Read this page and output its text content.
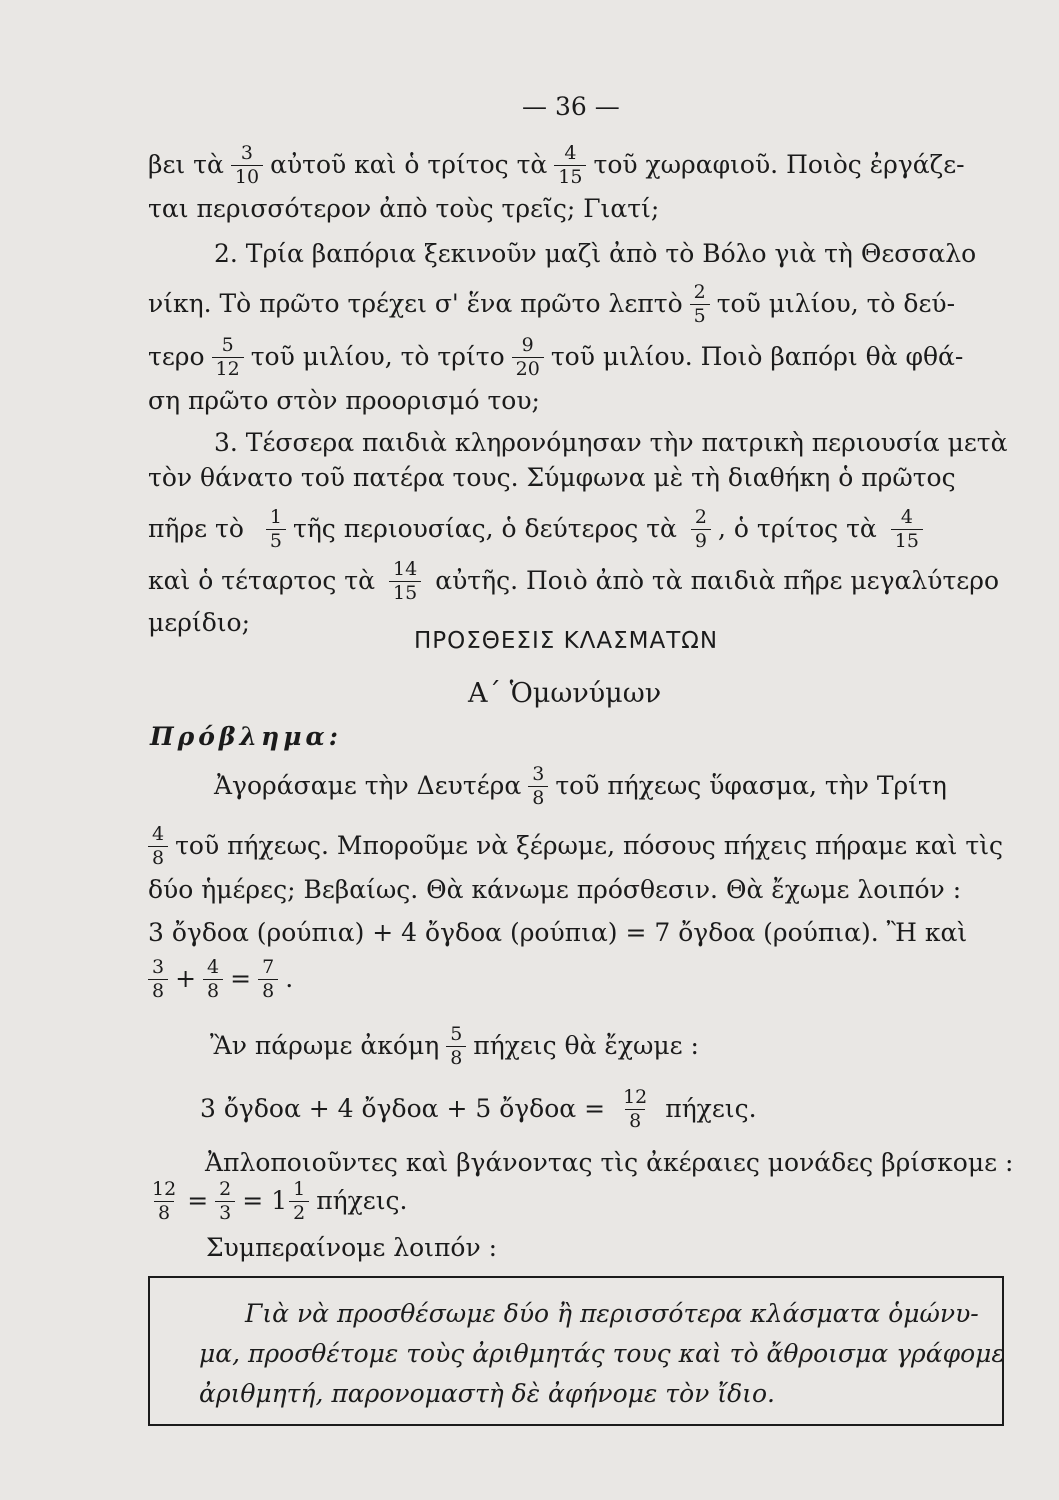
— 36 —
βει τὰ $\frac{3}{10}$ αὐτοῦ καὶ ὁ τρίτος τὰ $\frac{4}{15}$ τοῦ χωραφιοῦ. Ποιὸς ἐργάζε-
ται περισσότερον ἀπὸ τοὺς τρεῖς; Γιατί;
2. Τρία βαπόρια ξεκινοῦν μαζὶ ἀπὸ τὸ Βόλο γιὰ τὴ Θεσσαλο
νίκη. Τὸ πρῶτο τρέχει σ' ἕνα πρῶτο λεπτὸ $\frac{2}{5}$ τοῦ μιλίου, τὸ δεύ-
τερο $\frac{5}{12}$ τοῦ μιλίου, τὸ τρίτο $\frac{9}{20}$ τοῦ μιλίου. Ποιὸ βαπόρι θὰ φθά-
ση πρῶτο στὸν προορισμό του;
3. Τέσσερα παιδιὰ κληρονόμησαν τὴν πατρικὴ περιουσία μετὰ
τὸν θάνατο τοῦ πατέρα τους. Σύμφωνα μὲ τὴ διαθήκη ὁ πρῶτος
πῆρε τὸ $\frac{1}{5}$ τῆς περιουσίας, ὁ δεύτερος τὰ $\frac{2}{9}$ , ὁ τρίτος τὰ $\frac{4}{15}$
καὶ ὁ τέταρτος τὰ $\frac{14}{15}$ αὐτῆς. Ποιὸ ἀπὸ τὰ παιδιὰ πῆρε μεγαλύτερο
μερίδιο;
ΠΡΟΣΘΕΣΙΣ ΚΛΑΣΜΑΤΩΝ
Α΄ Ὁμωνύμων
Πρόβλημα:
Ἀγοράσαμε τὴν Δευτέρα $\frac{3}{8}$ τοῦ πήχεως ὕφασμα, τὴν Τρίτη
$\frac{4}{8}$ τοῦ πήχεως. Μποροῦμε νὰ ξέρωμε, πόσους πήχεις πήραμε καὶ τὶς
δύο ἡμέρες; Βεβαίως. Θὰ κάνωμε πρόσθεσιν. Θὰ ἔχωμε λοιπόν :
3 ὄγδοα (ρούπια) + 4 ὄγδοα (ρούπια) = 7 ὄγδοα (ρούπια). Ἢ καὶ
$\frac{3}{8} + \frac{4}{8} = \frac{7}{8}$ .
Ἂν πάρωμε ἀκόμη $\frac{5}{8}$ πήχεις θὰ ἔχωμε :
3 ὄγδοα + 4 ὄγδοα + 5 ὄγδοα = $\frac{12}{8} \pi ή\chi\varepsilon\iota\varsigma$.
Ἀπλοποιοῦντες καὶ βγάνοντας τὶς ἀκέραιες μονάδες βρίσκομε :
$\frac{12}{8} = \frac{2}{3} = 1 \frac{1}{2} \pi ή\chi\varepsilon\iota\varsigma$.
Συμπεραίνομε λοιπόν :
Γιὰ νὰ προσθέσωμε δύο ἢ περισσότερα κλάσματα ὁμώνυ-
μα, προσθέτομε τοὺς ἀριθμητάς τους καὶ τὸ ἄθροισμα γράφομε
ἀριθμητή, παρονομαστὴ δὲ ἀφήνομε τὸν ἴδιο.
